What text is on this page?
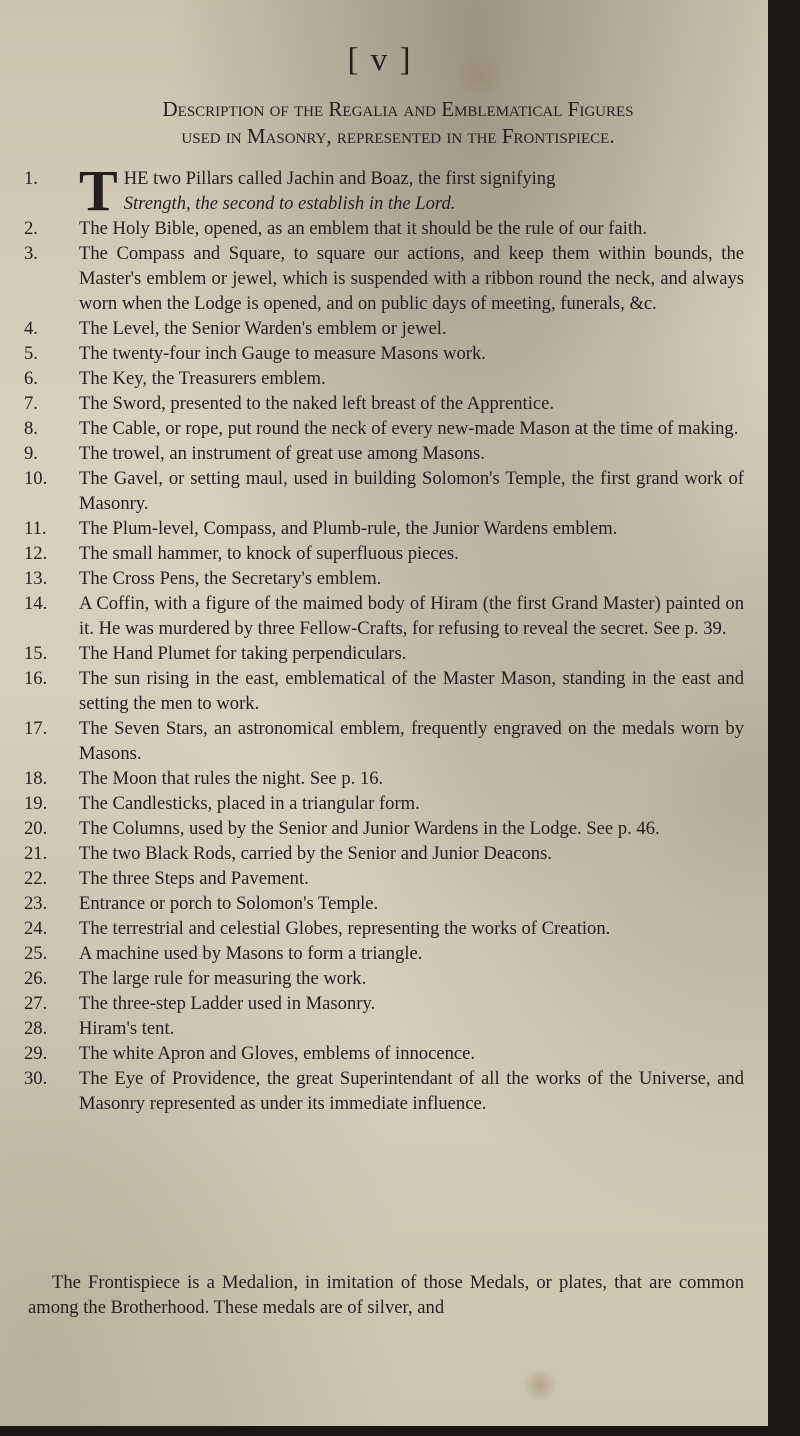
[ v ]
Description of the Regalia and Emblematical Figures
used in Masonry, represented in the Frontispiece.
1. T HE two Pillars called Jachin and Boaz, the first signifying
Strength, the second to establish in the Lord.
2.	The Holy Bible, opened, as an emblem that it should be the rule of our faith.
3.	The Compass and Square, to square our actions, and keep them within bounds, the Master's emblem or jewel, which is suspended with a ribbon round the neck, and always worn when the Lodge is opened, and on public days of meeting, funerals, &c.
4.	The Level, the Senior Warden's emblem or jewel.
5.	The twenty-four inch Gauge to measure Masons work.
6.	The Key, the Treasurers emblem.
7.	The Sword, presented to the naked left breast of the Apprentice.
8.	The Cable, or rope, put round the neck of every new-made Mason at the time of making.
9.	The trowel, an instrument of great use among Masons.
10.	The Gavel, or setting maul, used in building Solomon's Temple, the first grand work of Masonry.
11.	The Plum-level, Compass, and Plumb-rule, the Junior Wardens emblem.
12.	The small hammer, to knock of superfluous pieces.
13.	The Cross Pens, the Secretary's emblem.
14.	A Coffin, with a figure of the maimed body of Hiram (the first Grand Master) painted on it. He was murdered by three Fellow-Crafts, for refusing to reveal the secret. See p. 39.
15.	The Hand Plumet for taking perpendiculars.
16.	The sun rising in the east, emblematical of the Master Mason, standing in the east and setting the men to work.
17.	The Seven Stars, an astronomical emblem, frequently engraved on the medals worn by Masons.
18.	The Moon that rules the night. See p. 16.
19.	The Candlesticks, placed in a triangular form.
20.	The Columns, used by the Senior and Junior Wardens in the Lodge. See p. 46.
21.	The two Black Rods, carried by the Senior and Junior Deacons.
22.	The three Steps and Pavement.
23.	Entrance or porch to Solomon's Temple.
24.	The terrestrial and celestial Globes, representing the works of Creation.
25.	A machine used by Masons to form a triangle.
26.	The large rule for measuring the work.
27.	The three-step Ladder used in Masonry.
28.	Hiram's tent.
29.	The white Apron and Gloves, emblems of innocence.
30.	The Eye of Providence, the great Superintendant of all the works of the Universe, and Masonry represented as under its immediate influence.
The Frontispiece is a Medalion, in imitation of those Medals, or plates, that are common among the Brotherhood. These medals are of silver, and
